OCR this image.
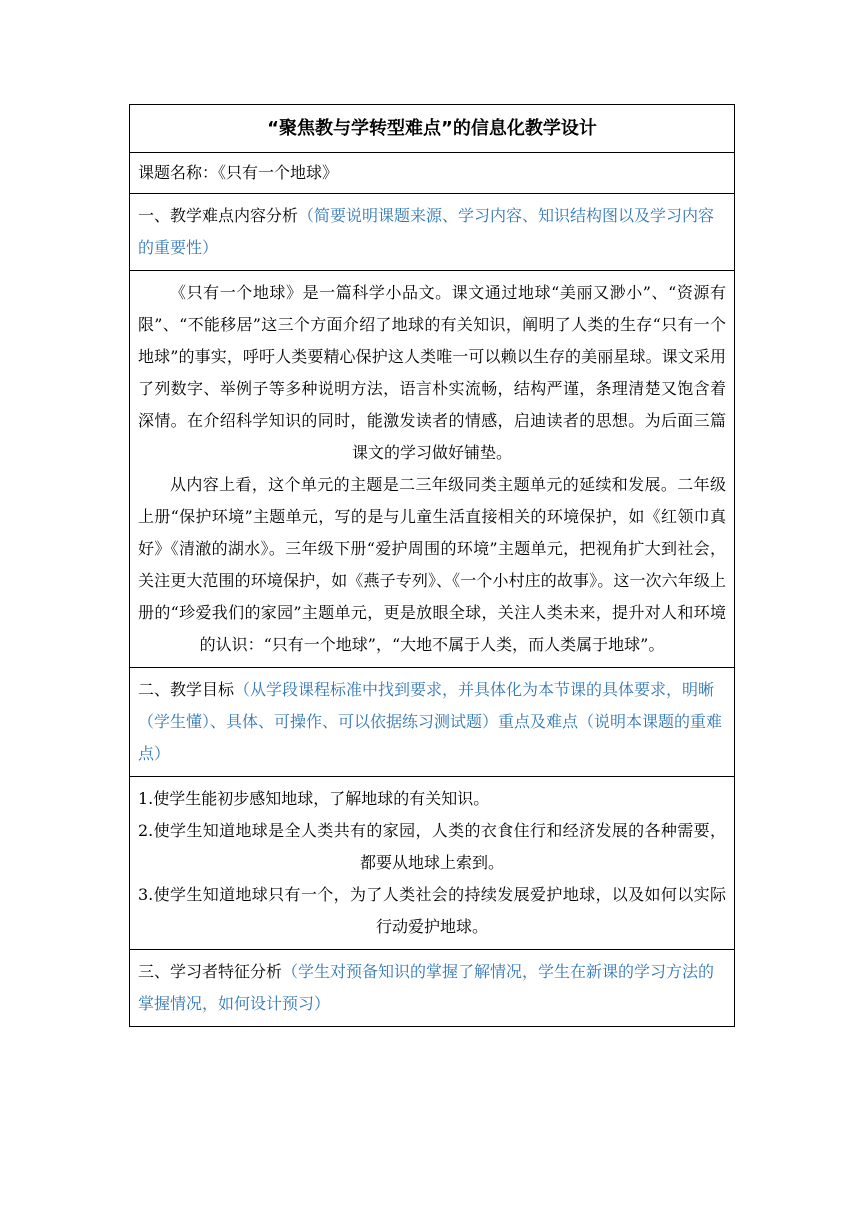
“聚焦教与学转型难点”的信息化教学设计
课题名称：《只有一个地球》
一、教学难点内容分析（简要说明课题来源、学习内容、知识结构图以及学习内容的重要性）

《只有一个地球》是一篇科学小品文。课文通过地球“美丽又渺小”、“资源有限”、“不能移居”这三个方面介绍了地球的有关知识，阐明了人类的生存“只有一个地球”的事实，呼吁人类要精心保护这人类唯一可以赖以生存的美丽星球。课文采用了列数字、举例子等多种说明方法，语言朴实流畅，结构严谨，条理清楚又饱含着深情。在介绍科学知识的同时，能激发读者的情感，启迪读者的思想。为后面三篇课文的学习做好铺垫。

从内容上看，这个单元的主题是二三年级同类主题单元的延续和发展。二年级上册“保护环境”主题单元，写的是与儿童生活直接相关的环境保护，如《红领巾真好》《清澈的湖水》。三年级下册“爱护周围的环境”主题单元，把视角扩大到社会，关注更大范围的环境保护，如《燕子专列》、《一个小村庄的故事》。这一次六年级上册的“珍爱我们的家园”主题单元，更是放眼全球，关注人类未来，提升对人和环境的认识：“只有一个地球”，“大地不属于人类，而人类属于地球”。

二、教学目标（从学段课程标准中找到要求，并具体化为本节课的具体要求，明晰（学生懂）、具体、可操作、可以依据练习测试题）重点及难点（说明本课题的重难点）

1.使学生能初步感知地球，了解地球的有关知识。

2.使学生知道地球是全人类共有的家园，人类的衣食住行和经济发展的各种需要，都要从地球上索到。

3.使学生知道地球只有一个，为了人类社会的持续发展爱护地球，以及如何以实际行动爱护地球。

三、学习者特征分析（学生对预备知识的掌握了解情况，学生在新课的学习方法的掌握情况，如何设计预习）
